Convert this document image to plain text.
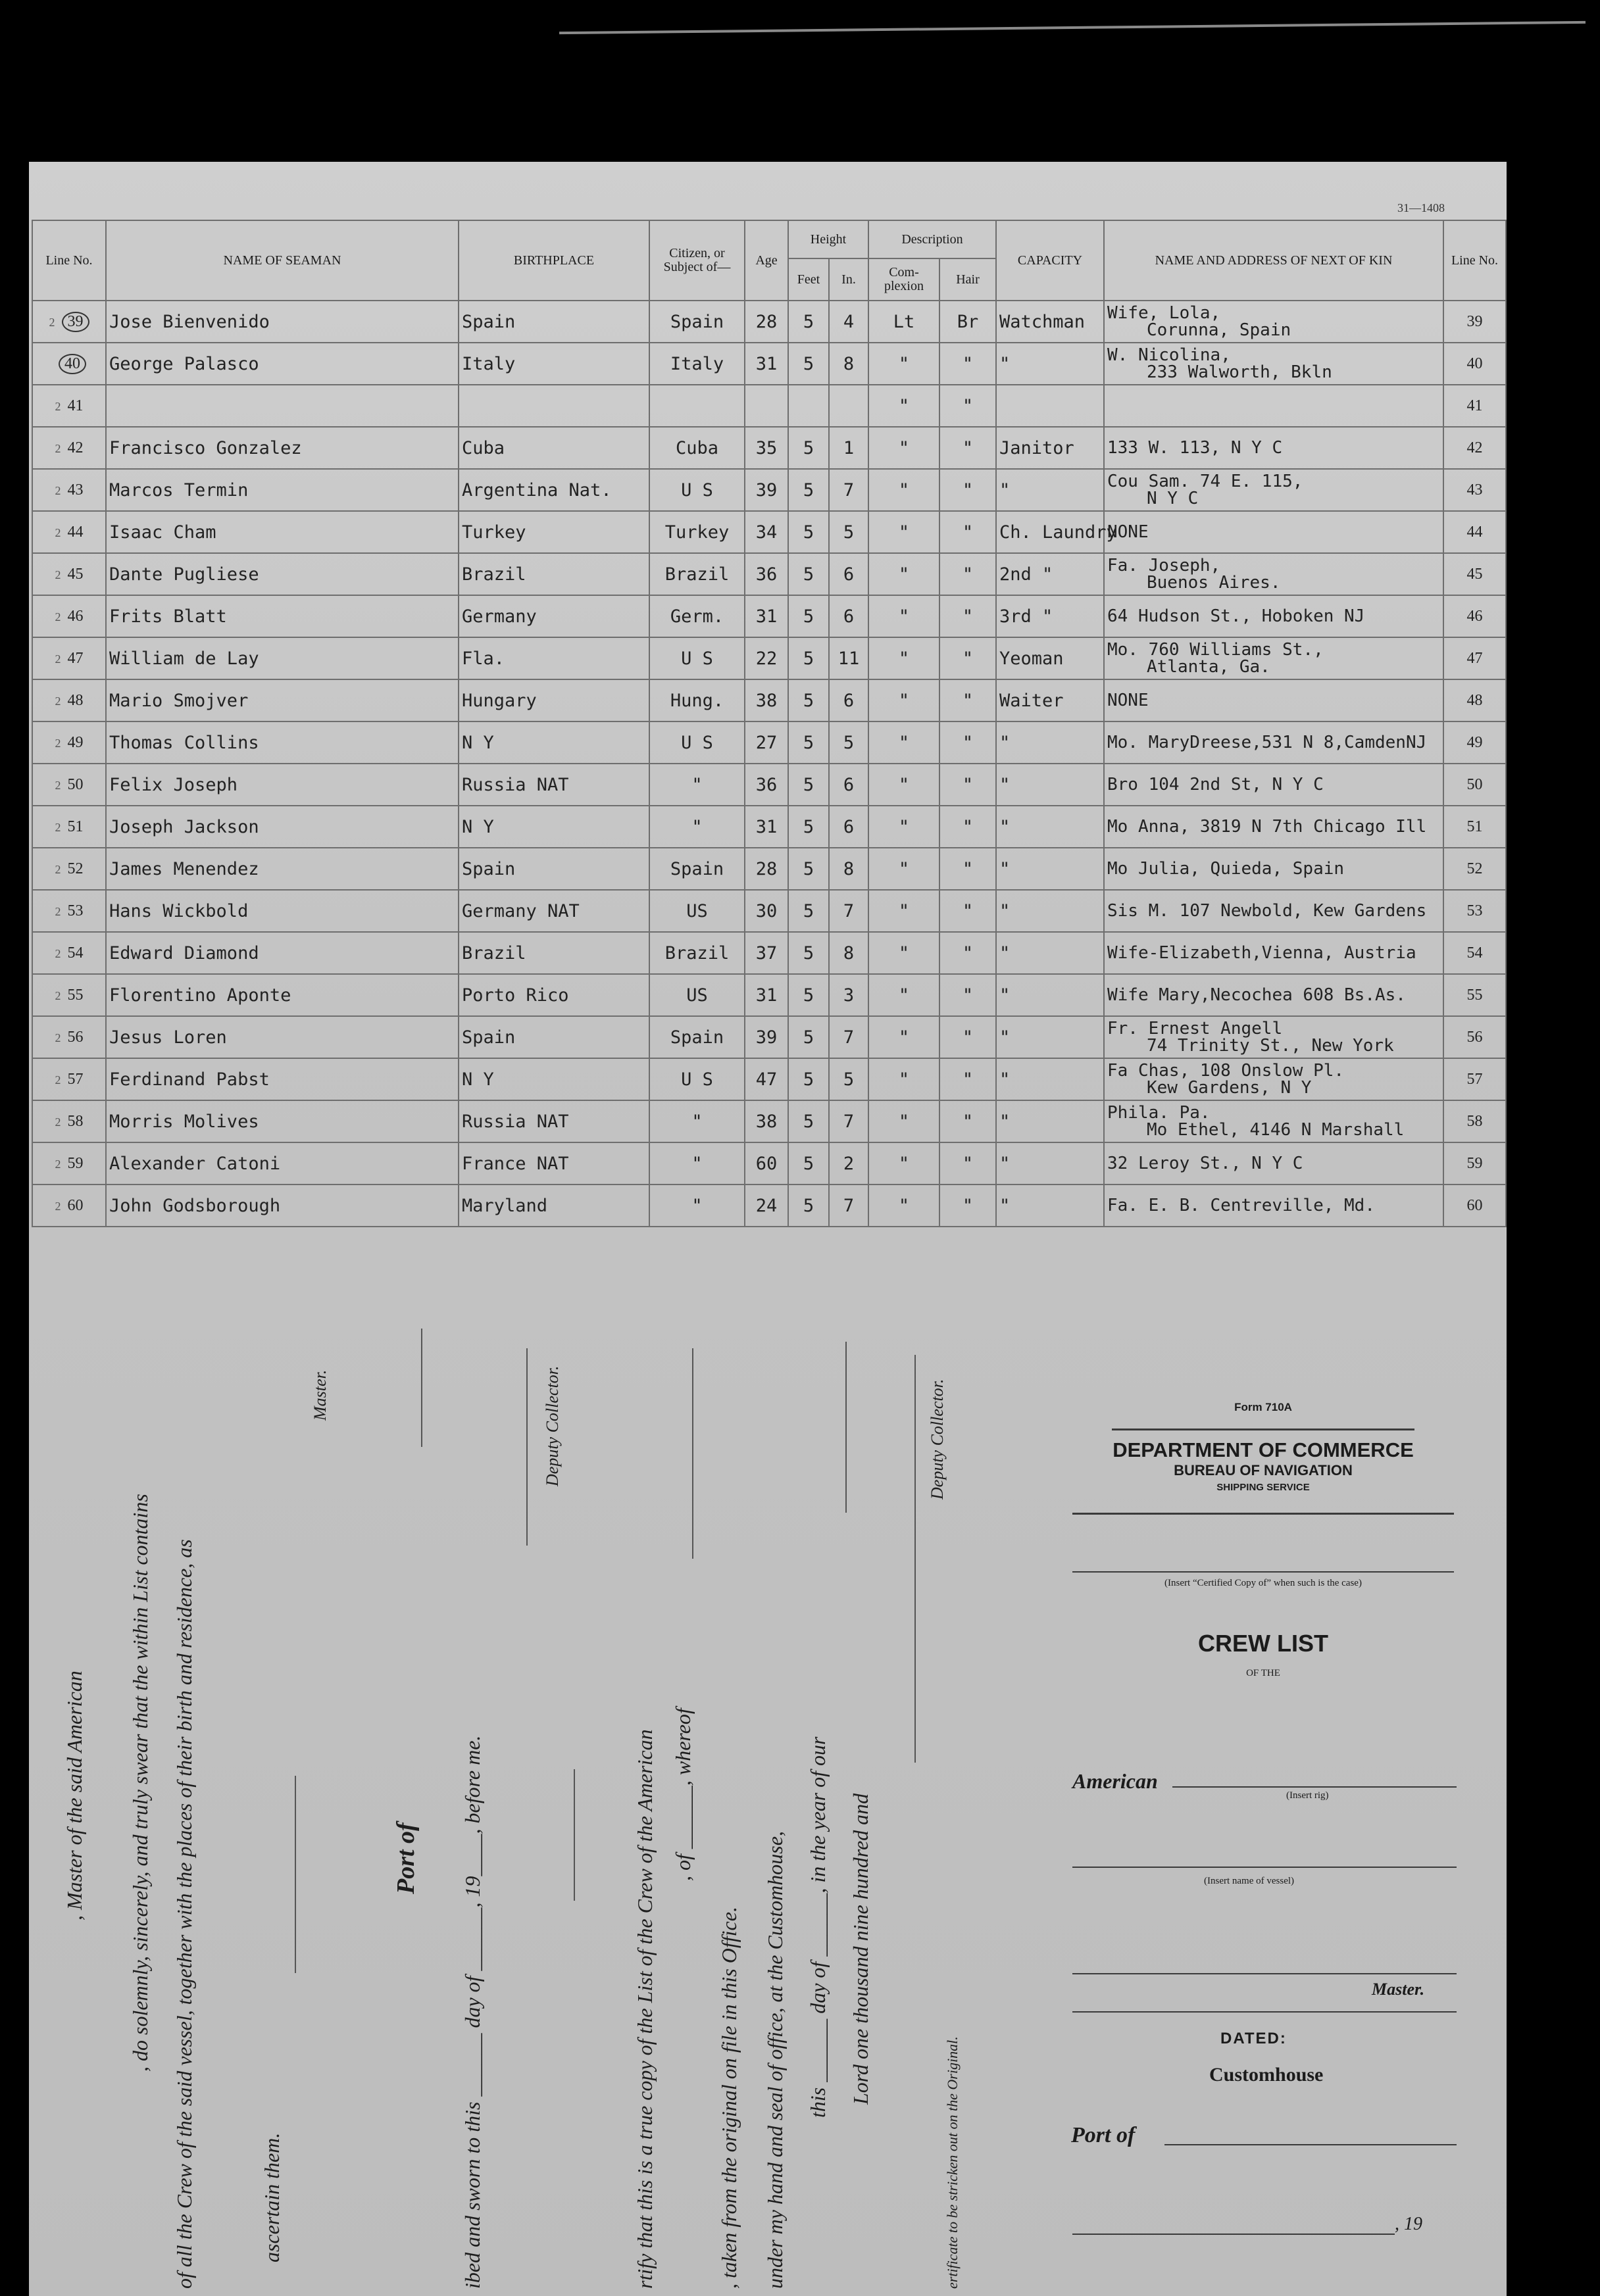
31—1408
Line No.	NAME OF SEAMAN	BIRTHPLACE	Citizen, or Subject of—	Age	Height		Description		CAPACITY	NAME AND ADDRESS OF NEXT OF KIN	Line No.
					Feet	In.	Com-plexion	Hair			
2 39	Jose Bienvenido	Spain	Spain	28	5	4	Lt	Br	Watchman	Wife, Lola,
Corunna, Spain	39
40	George Palasco	Italy	Italy	31	5	8	"	"	"	W. Nicolina,
233 Walworth, Bkln	40
2 41							"	"			41
2 42	Francisco Gonzalez	Cuba	Cuba	35	5	1	"	"	Janitor	133 W. 113, N Y C	42
2 43	Marcos Termin	Argentina Nat.	U S	39	5	7	"	"	"	Cou Sam. 74 E. 115,
N Y C	43
2 44	Isaac Cham	Turkey	Turkey	34	5	5	"	"	Ch. Laundry	NONE	44
2 45	Dante Pugliese	Brazil	Brazil	36	5	6	"	"	2nd "	Fa. Joseph,
Buenos Aires.	45
2 46	Frits Blatt	Germany	Germ.	31	5	6	"	"	3rd "	64 Hudson St., Hoboken NJ	46
2 47	William de Lay	Fla.	U S	22	5	11	"	"	Yeoman	Mo. 760 Williams St.,
Atlanta, Ga.	47
2 48	Mario Smojver	Hungary	Hung.	38	5	6	"	"	Waiter	NONE	48
2 49	Thomas Collins	N Y	U S	27	5	5	"	"	"	Mo. MaryDreese,531 N 8,CamdenNJ	49
2 50	Felix Joseph	Russia NAT	"	36	5	6	"	"	"	Bro 104 2nd St, N Y C	50
2 51	Joseph Jackson	N Y	"	31	5	6	"	"	"	Mo Anna, 3819 N 7th Chicago Ill	51
2 52	James Menendez	Spain	Spain	28	5	8	"	"	"	Mo Julia, Quieda, Spain	52
2 53	Hans Wickbold	Germany NAT	US	30	5	7	"	"	"	Sis M. 107 Newbold, Kew Gardens	53
2 54	Edward Diamond	Brazil	Brazil	37	5	8	"	"	"	Wife-Elizabeth,Vienna, Austria	54
2 55	Florentino Aponte	Porto Rico	US	31	5	3	"	"	"	Wife Mary,Necochea 608 Bs.As.	55
2 56	Jesus Loren	Spain	Spain	39	5	7	"	"	"	Fr. Ernest Angell
74 Trinity St., New York	56
2 57	Ferdinand Pabst	N Y	U S	47	5	5	"	"	"	Fa Chas, 108 Onslow Pl.
Kew Gardens, N Y	57
2 58	Morris Molives	Russia NAT	"	38	5	7	"	"	"	Phila. Pa.
Mo Ethel, 4146 N Marshall	58
2 59	Alexander Catoni	France NAT	"	60	5	2	"	"	"	32 Leroy St., N Y C	59
2 60	John Godsborough	Maryland	"	24	5	7	"	"	"	Fa. E. B. Centreville, Md.	60
ascertain them.
of all the Crew of the said vessel, together with the places of their birth and residence, as
, do solemnly, sincerely, and truly swear that the within List contains
, Master of the said American
Master.
Port of ibed and sworn to this ______ day of ______, 19____, before me.
Deputy Collector.
rtify that this is a true copy of the List of the Crew of the American , of ______, whereof
, taken from the original on file in this Office. under my hand and seal of office, at the Customhouse, this ______ day of ______, in the year of our Lord one thousand nine hundred and
ertificate to be stricken out on the Original.
Deputy Collector.	Form 710A
DEPARTMENT OF COMMERCE
BUREAU OF NAVIGATION
SHIPPING SERVICE
(Insert “Certified Copy of” when such is the case)
CREW LIST
OF THE
American
(Insert rig)
(Insert name of vessel)
Master.
DATED:
Customhouse
Port of
, 19
